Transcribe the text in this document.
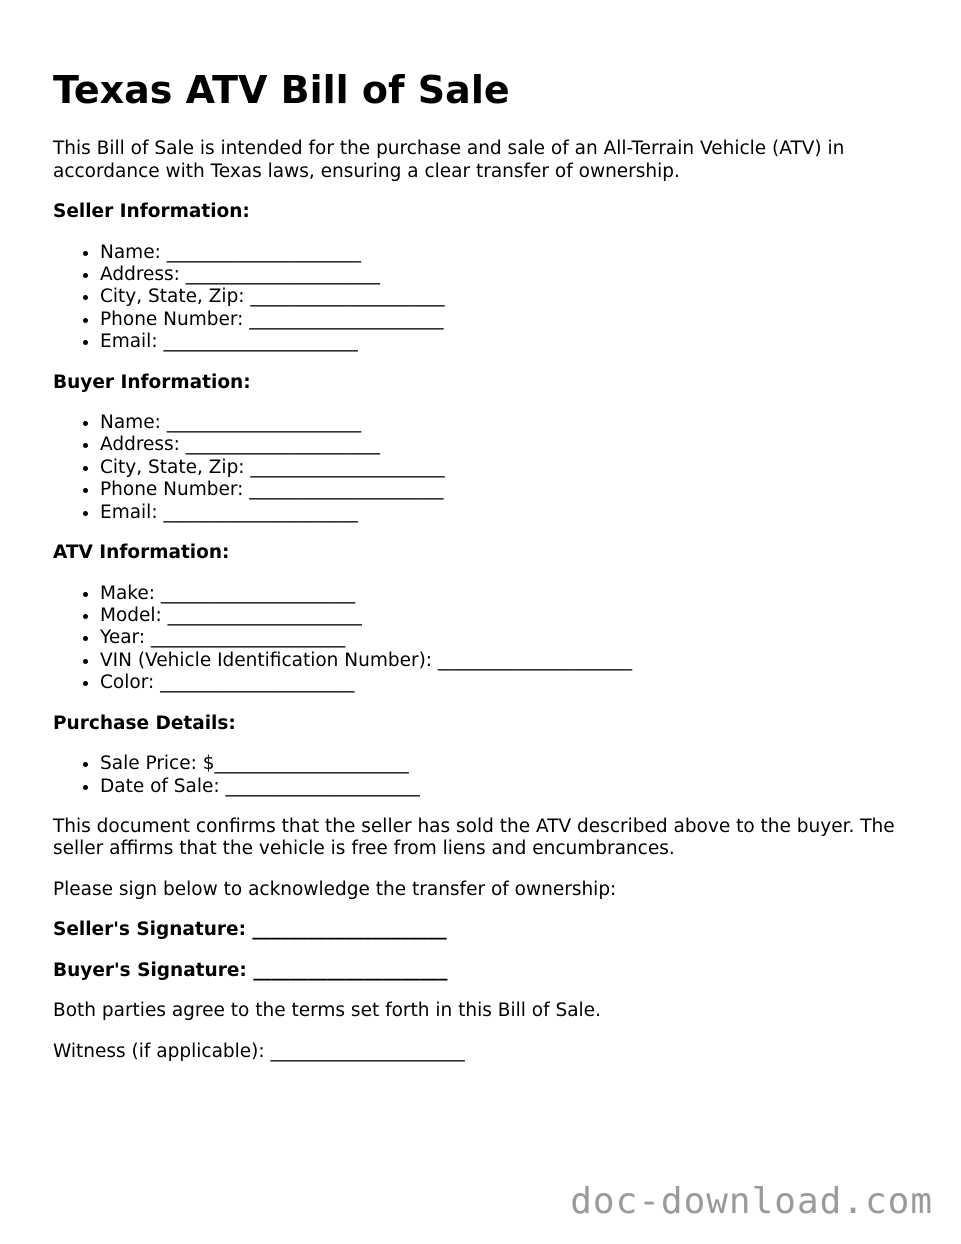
Texas ATV Bill of Sale

This Bill of Sale is intended for the purchase and sale of an All-Terrain Vehicle (ATV) in accordance with Texas laws, ensuring a clear transfer of ownership.

Seller Information:
• Name: _____________________
• Address: _____________________
• City, State, Zip: _____________________
• Phone Number: _____________________
• Email: _____________________
Buyer Information:
• Name: _____________________
• Address: _____________________
• City, State, Zip: _____________________
• Phone Number: _____________________
• Email: _____________________
ATV Information:
• Make: _____________________
• Model: _____________________
• Year: _____________________
• VIN (Vehicle Identification Number): _____________________
• Color: _____________________
Purchase Details:
• Sale Price: $_____________________
• Date of Sale: _____________________

This document confirms that the seller has sold the ATV described above to the buyer. The seller affirms that the vehicle is free from liens and encumbrances.

Please sign below to acknowledge the transfer of ownership:

Seller's Signature: _____________________

Buyer's Signature: _____________________

Both parties agree to the terms set forth in this Bill of Sale.

Witness (if applicable): _____________________

doc-download.com
